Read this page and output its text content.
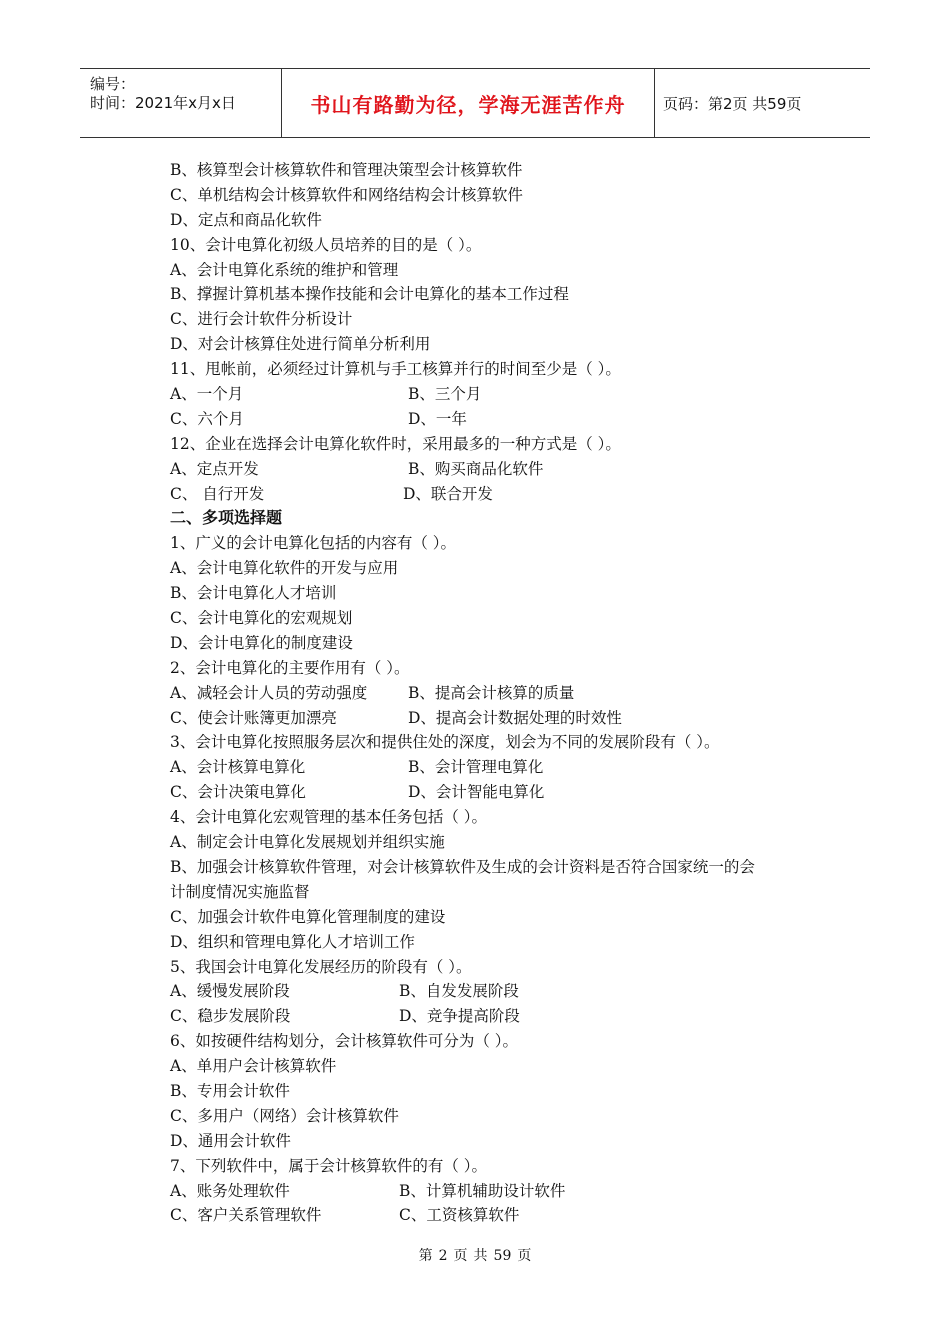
编号：
时间：2021年x月x日	书山有路勤为径，学海无涯苦作舟	页码：第2页 共59页
B、核算型会计核算软件和管理决策型会计核算软件
C、单机结构会计核算软件和网络结构会计核算软件
D、定点和商品化软件
10、会计电算化初级人员培养的目的是（ ）。
A、会计电算化系统的维护和管理
B、撑握计算机基本操作技能和会计电算化的基本工作过程
C、进行会计软件分析设计
D、对会计核算住处进行简单分析利用
11、甩帐前，必须经过计算机与手工核算并行的时间至少是（ ）。
A、一个月	B、三个月
C、六个月	D、一年
12、企业在选择会计电算化软件时，采用最多的一种方式是（ ）。
A、定点开发	B、购买商品化软件
C、 自行开发	D、联合开发
二、多项选择题
1、广义的会计电算化包括的内容有（ ）。
A、会计电算化软件的开发与应用
B、会计电算化人才培训
C、会计电算化的宏观规划
D、会计电算化的制度建设
2、会计电算化的主要作用有（ ）。
A、减轻会计人员的劳动强度	B、提高会计核算的质量
C、使会计账簿更加漂亮	D、提高会计数据处理的时效性
3、会计电算化按照服务层次和提供住处的深度，划会为不同的发展阶段有（ ）。
A、会计核算电算化	B、会计管理电算化
C、会计决策电算化	D、会计智能电算化
4、会计电算化宏观管理的基本任务包括（ ）。
A、制定会计电算化发展规划并组织实施
B、加强会计核算软件管理，对会计核算软件及生成的会计资料是否符合国家统一的会
计制度情况实施监督
C、加强会计软件电算化管理制度的建设
D、组织和管理电算化人才培训工作
5、我国会计电算化发展经历的阶段有（ ）。
A、缓慢发展阶段	B、自发发展阶段
C、稳步发展阶段	D、竞争提高阶段
6、如按硬件结构划分，会计核算软件可分为（ ）。
A、单用户会计核算软件
B、专用会计软件
C、多用户（网络）会计核算软件
D、通用会计软件
7、下列软件中，属于会计核算软件的有（ ）。
A、账务处理软件	B、计算机辅助设计软件
C、客户关系管理软件	C、工资核算软件
第 2 页 共 59 页
